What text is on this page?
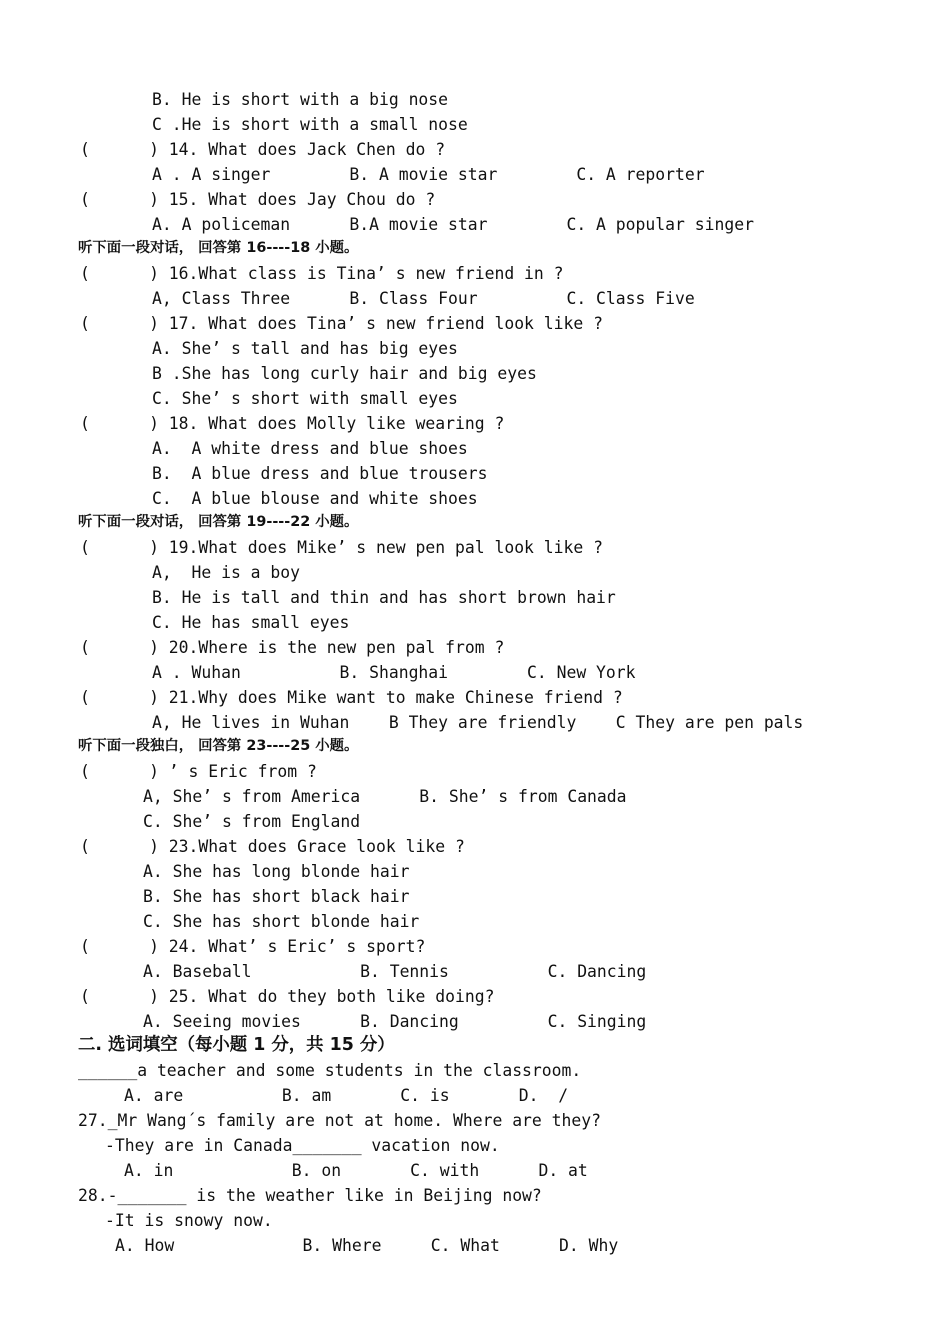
B. He is short with a big nose
C .He is short with a small nose
(      ) 14. What does Jack Chen do ?
A . A singer        B. A movie star        C. A reporter
(      ) 15. What does Jay Chou do ?
A. A policeman      B.A movie star        C. A popular singer
听下面一段对话， 回答第 16----18 小题。
(      ) 16.What class is Tina’ s new friend in ?
A, Class Three      B. Class Four         C. Class Five
(      ) 17. What does Tina’ s new friend look like ?
A. She’ s tall and has big eyes
B .She has long curly hair and big eyes
C. She’ s short with small eyes
(      ) 18. What does Molly like wearing ?
A.  A white dress and blue shoes
B.  A blue dress and blue trousers
C.  A blue blouse and white shoes
听下面一段对话， 回答第 19----22 小题。
(      ) 19.What does Mike’ s new pen pal look like ?
A,  He is a boy
B. He is tall and thin and has short brown hair
C. He has small eyes
(      ) 20.Where is the new pen pal from ?
A . Wuhan          B. Shanghai        C. New York
(      ) 21.Why does Mike want to make Chinese friend ?
A, He lives in Wuhan    B They are friendly    C They are pen pals
听下面一段独白， 回答第 23----25 小题。
(      ) ’ s Eric from ?
A, She’ s from America      B. She’ s from Canada
C. She’ s from England
(      ) 23.What does Grace look like ?
A. She has long blonde hair
B. She has short black hair
C. She has short blonde hair
(      ) 24. What’ s Eric’ s sport?
A. Baseball           B. Tennis          C. Dancing
(      ) 25. What do they both like doing?
A. Seeing movies      B. Dancing         C. Singing
二. 选词填空（每小题 1 分，共 15 分）
______a teacher and some students in the classroom.
A. are          B. am       C. is       D.  /
27._Mr Wang´s family are not at home. Where are they?
-They are in Canada_______ vacation now.
A. in            B. on       C. with      D. at
28.-_______ is the weather like in Beijing now?
-It is snowy now.
A. How             B. Where     C. What      D. Why
